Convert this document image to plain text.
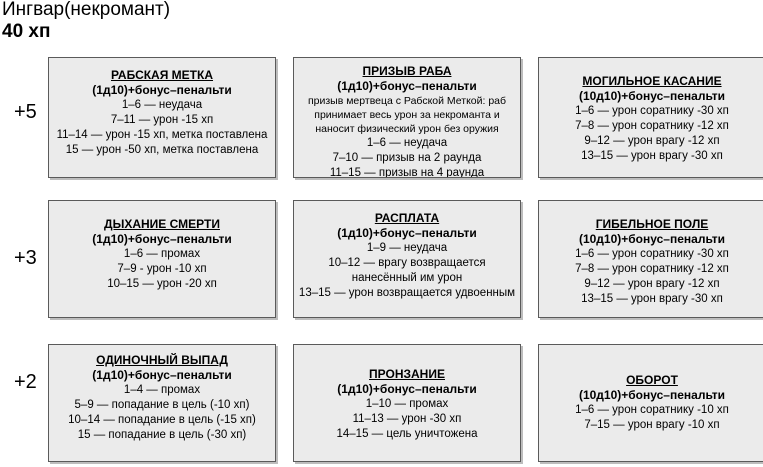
Ингвар(некромант)
40 хп
+5
+3
+2
РАБСКАЯ МЕТКА
(1д10)+бонус–пенальти
1–6 — неудача
7–11 — урон -15 хп
11–14 — урон -15 хп, метка поставлена
15 — урон -50 хп, метка поставлена
ПРИЗЫВ РАБА
(1д10)+бонус–пенальти
призыв мертвеца с Рабской Меткой: раб принимает весь урон за некроманта и наносит физический урон без оружия
1–6 — неудача
7–10 — призыв на 2 раунда
11–15 — призыв на 4 раунда
МОГИЛЬНОЕ КАСАНИЕ
(10д10)+бонус–пенальти
1–6 — урон соратнику -30 хп
7–8 — урон соратнику -12 хп
9–12 — урон врагу -12 хп
13–15 — урон врагу -30 хп
ДЫХАНИЕ СМЕРТИ
(1д10)+бонус–пенальти
1–6 — промах
7–9 - урон -10 хп
10–15 — урон -20 хп
РАСПЛАТА
(1д10)+бонус–пенальти
1–9 — неудача
10–12 — врагу возвращается нанесённый им урон
13–15 — урон возвращается удвоенным
ГИБЕЛЬНОЕ ПОЛЕ
(10д10)+бонус–пенальти
1–6 — урон соратнику -30 хп
7–8 — урон соратнику -12 хп
9–12 — урон врагу -12 хп
13–15 — урон врагу -30 хп
ОДИНОЧНЫЙ ВЫПАД
(1д10)+бонус–пенальти
1–4 — промах
5–9 — попадание в цель (-10 хп)
10–14 — попадание в цель (-15 хп)
15 — попадание в цель (-30 хп)
ПРОНЗАНИЕ
(1д10)+бонус–пенальти
1–10 — промах
11–13 — урон -30 хп
14–15 — цель уничтожена
ОБОРОТ
(10д10)+бонус–пенальти
1–6 — урон соратнику -10 хп
7–15 — урон врагу -10 хп
